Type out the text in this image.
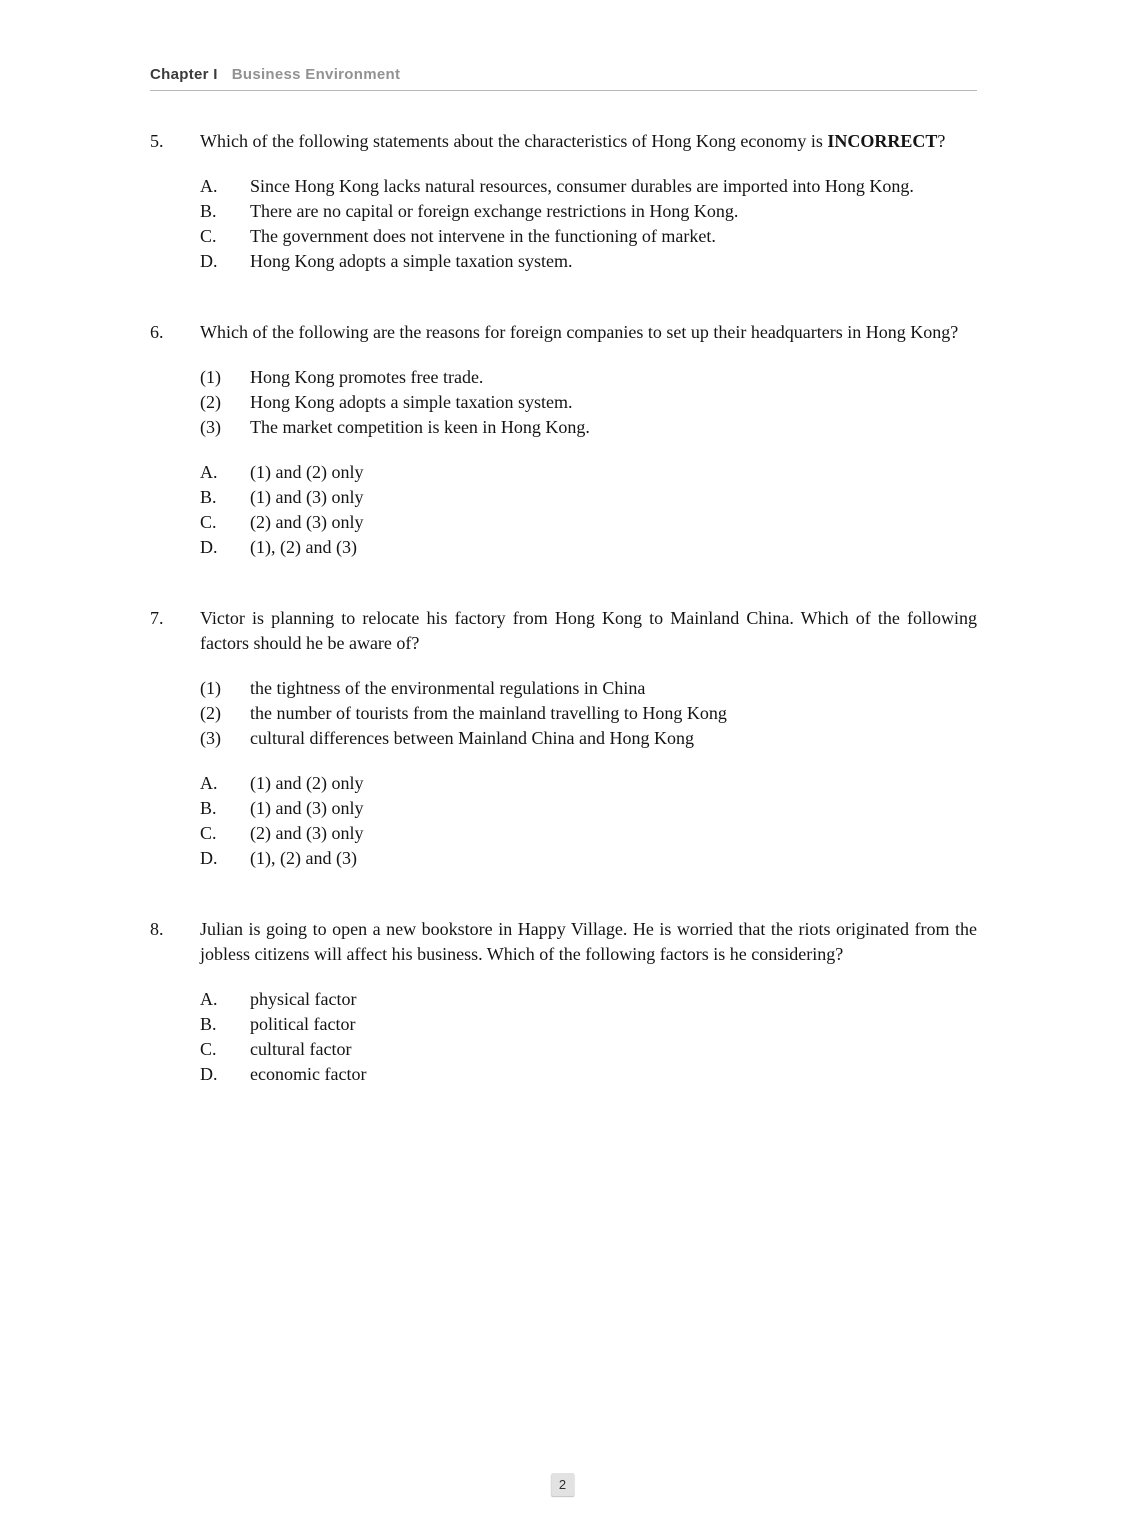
Chapter I Business Environment
5.	Which of the following statements about the characteristics of Hong Kong economy is INCORRECT?
A.	Since Hong Kong lacks natural resources, consumer durables are imported into Hong Kong.
B.	There are no capital or foreign exchange restrictions in Hong Kong.
C.	The government does not intervene in the functioning of market.
D.	Hong Kong adopts a simple taxation system.
6.	Which of the following are the reasons for foreign companies to set up their headquarters in Hong Kong?
(1)	Hong Kong promotes free trade.
(2)	Hong Kong adopts a simple taxation system.
(3)	The market competition is keen in Hong Kong.
A.	(1) and (2) only
B.	(1) and (3) only
C.	(2) and (3) only
D.	(1), (2) and (3)
7.	Victor is planning to relocate his factory from Hong Kong to Mainland China. Which of the following factors should he be aware of?
(1)	the tightness of the environmental regulations in China
(2)	the number of tourists from the mainland travelling to Hong Kong
(3)	cultural differences between Mainland China and Hong Kong
A.	(1) and (2) only
B.	(1) and (3) only
C.	(2) and (3) only
D.	(1), (2) and (3)
8.	Julian is going to open a new bookstore in Happy Village. He is worried that the riots originated from the jobless citizens will affect his business. Which of the following factors is he considering?
A.	physical factor
B.	political factor
C.	cultural factor
D.	economic factor
2
